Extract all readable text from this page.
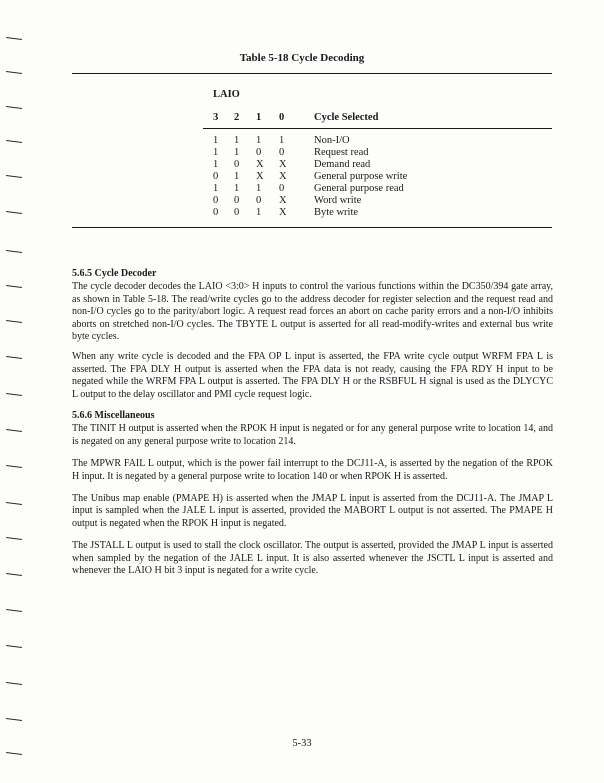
Table 5-18 Cycle Decoding
LAIO
3 2 1 0	Cycle Selected
1	1	1	1	Non-I/O
1	1	0	0	Request read
1	0	X	X	Demand read
0	1	X	X	General purpose write
1	1	1	0	General purpose read
0	0	0	X	Word write
0	0	1	X	Byte write
5.6.5 Cycle Decoder

The cycle decoder decodes the LAIO <3:0> H inputs to control the various functions within the DC350/394 gate array, as shown in Table 5-18. The read/write cycles go to the address decoder for register selection and the request read and non-I/O cycles go to the parity/abort logic. A request read forces an abort on cache parity errors and a non-I/O inhibits aborts on stretched non-I/O cycles. The TBYTE L output is asserted for all read-modify-writes and external bus write byte cycles.

When any write cycle is decoded and the FPA OP L input is asserted, the FPA write cycle output WRFM FPA L is asserted. The FPA DLY H output is asserted when the FPA data is not ready, causing the FPA RDY H input to be negated while the WRFM FPA L output is asserted. The FPA DLY H or the RSBFUL H signal is used as the DLYCYC L output to the delay oscillator and PMI cycle request logic.

5.6.6 Miscellaneous

The TINIT H output is asserted when the RPOK H input is negated or for any general purpose write to location 14, and is negated on any general purpose write to location 214.

The MPWR FAIL L output, which is the power fail interrupt to the DCJ11-A, is asserted by the negation of the RPOK H input. It is negated by a general purpose write to location 140 or when RPOK H is asserted.

The Unibus map enable (PMAPE H) is asserted when the JMAP L input is asserted from the DCJ11-A. The JMAP L input is sampled when the JALE L input is asserted, provided the MABORT L output is not asserted. The PMAPE H output is negated when the RPOK H input is negated.

The JSTALL L output is used to stall the clock oscillator. The output is asserted, provided the JMAP L input is asserted when sampled by the negation of the JALE L input. It is also asserted whenever the JSCTL L input is asserted and whenever the LAIO H bit 3 input is negated for a write cycle.

5-33
